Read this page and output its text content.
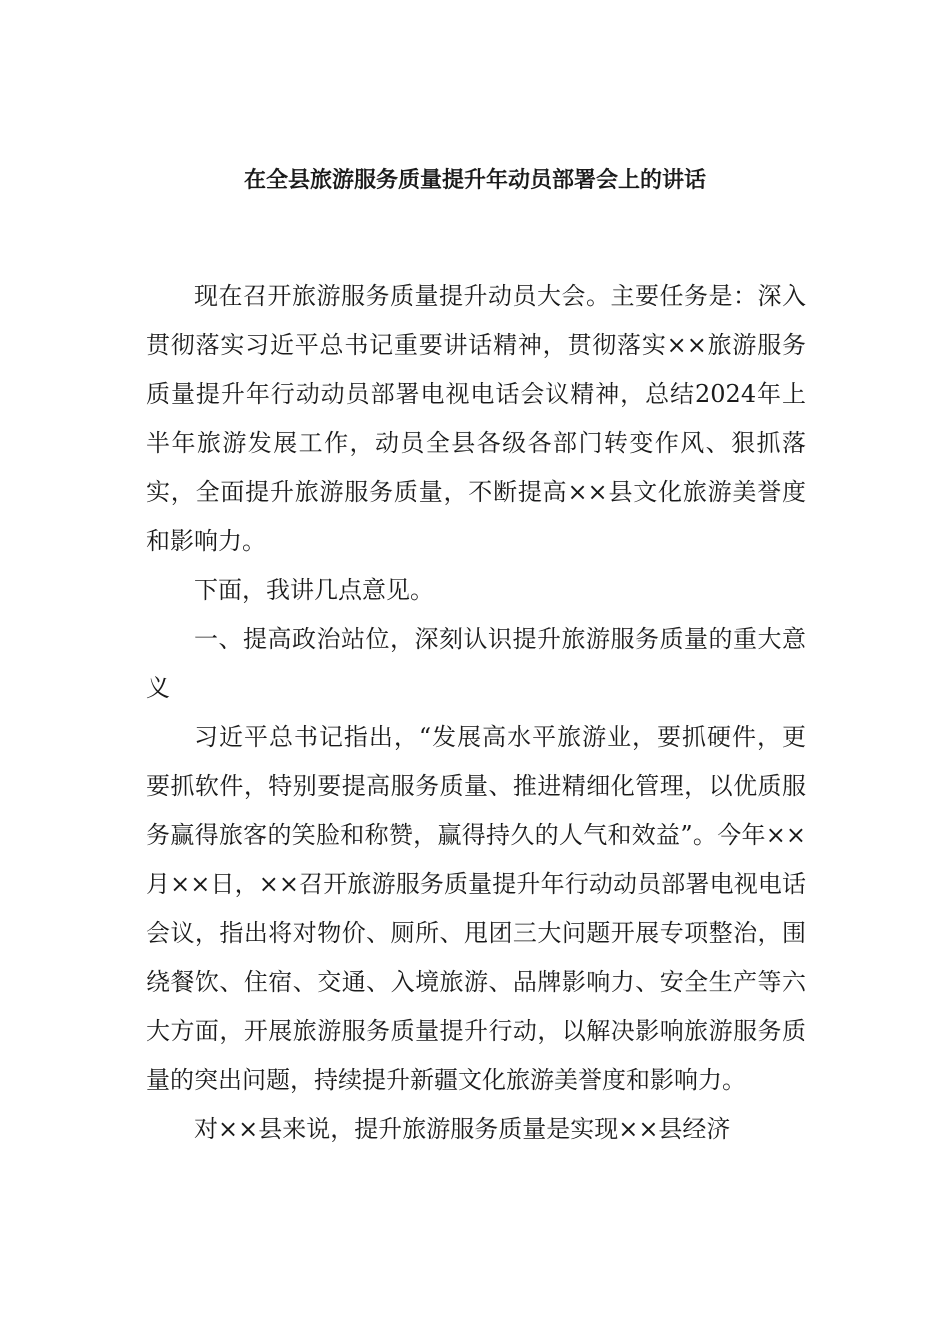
在全县旅游服务质量提升年动员部署会上的讲话

现在召开旅游服务质量提升动员大会。主要任务是：深入贯彻落实习近平总书记重要讲话精神，贯彻落实××旅游服务质量提升年行动动员部署电视电话会议精神，总结2024年上半年旅游发展工作，动员全县各级各部门转变作风、狠抓落实，全面提升旅游服务质量，不断提高××县文化旅游美誉度和影响力。

下面，我讲几点意见。

一、提高政治站位，深刻认识提升旅游服务质量的重大意义

习近平总书记指出，“发展高水平旅游业，要抓硬件，更要抓软件，特别要提高服务质量、推进精细化管理，以优质服务赢得旅客的笑脸和称赞，赢得持久的人气和效益”。今年××月××日，××召开旅游服务质量提升年行动动员部署电视电话会议，指出将对物价、厕所、甩团三大问题开展专项整治，围绕餐饮、住宿、交通、入境旅游、品牌影响力、安全生产等六大方面，开展旅游服务质量提升行动，以解决影响旅游服务质量的突出问题，持续提升新疆文化旅游美誉度和影响力。

对××县来说，提升旅游服务质量是实现××县经济
